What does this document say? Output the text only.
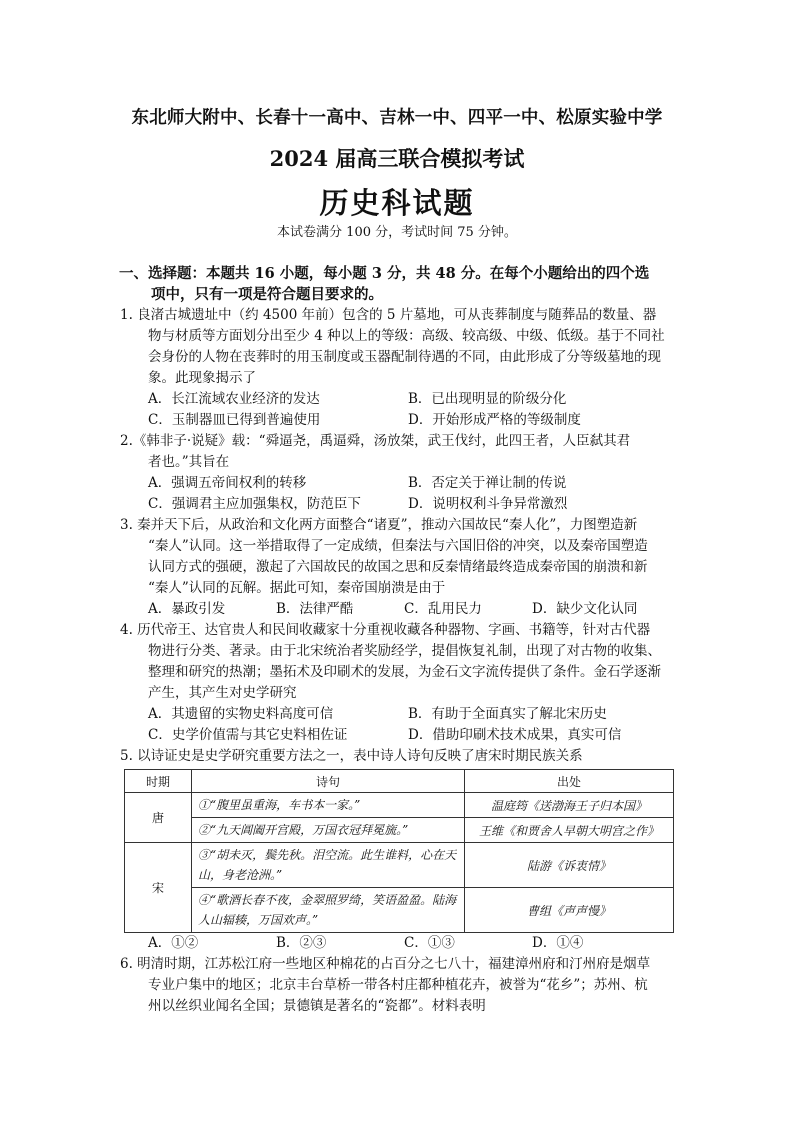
东北师大附中、长春十一高中、吉林一中、四平一中、松原实验中学
2024 届高三联合模拟考试
历史科试题
本试卷满分 100 分，考试时间 75 分钟。
一、选择题：本题共 16 小题，每小题 3 分，共 48 分。在每个小题给出的四个选
项中，只有一项是符合题目要求的。
1. 良渚古城遗址中（约 4500 年前）包含的 5 片墓地，可从丧葬制度与随葬品的数量、器
物与材质等方面划分出至少 4 种以上的等级：高级、较高级、中级、低级。基于不同社
会身份的人物在丧葬时的用玉制度或玉器配制待遇的不同，由此形成了分等级墓地的现
象。此现象揭示了
A．长江流域农业经济的发达	B．已出现明显的阶级分化
C．玉制器皿已得到普遍使用	D．开始形成严格的等级制度
2.《韩非子·说疑》载：“舜逼尧，禹逼舜，汤放桀，武王伐纣，此四王者，人臣弑其君
者也。”其旨在
A．强调五帝间权利的转移	B．否定关于禅让制的传说
C．强调君主应加强集权，防范臣下	D．说明权利斗争异常激烈
3. 秦并天下后，从政治和文化两方面整合“诸夏”，推动六国故民“秦人化”，力图塑造新
“秦人”认同。这一举措取得了一定成绩，但秦法与六国旧俗的冲突，以及秦帝国塑造
认同方式的强硬，激起了六国故民的故国之思和反秦情绪最终造成秦帝国的崩溃和新
“秦人”认同的瓦解。据此可知，秦帝国崩溃是由于
A．暴政引发	B．法律严酷	C．乱用民力	D．缺少文化认同
4. 历代帝王、达官贵人和民间收藏家十分重视收藏各种器物、字画、书籍等，针对古代器
物进行分类、著录。由于北宋统治者奖励经学，提倡恢复礼制，出现了对古物的收集、
整理和研究的热潮；墨拓术及印刷术的发展，为金石文字流传提供了条件。金石学逐渐
产生，其产生对史学研究
A．其遗留的实物史料高度可信	B．有助于全面真实了解北宋历史
C．史学价值需与其它史料相佐证	D．借助印刷术技术成果，真实可信
5. 以诗证史是史学研究重要方法之一，表中诗人诗句反映了唐宋时期民族关系
时期	诗句	出处
唐	①“腹里虽重海，车书本一家。”	温庭筠《送渤海王子归本国》
	②“九天阊阖开宫殿，万国衣冠拜冕旒。”	王维《和贾舍人早朝大明宫之作》
宋	③“胡未灭，鬓先秋。泪空流。此生谁料，心在天山，身老沧洲。”	陆游《诉衷情》
	④“歌酒长春不夜，金翠照罗绮，笑语盈盈。陆海人山辐辏，万国欢声。”	曹组《声声慢》
A．①②	B．②③	C．①③	D．①④
6. 明清时期，江苏松江府一些地区种棉花的占百分之七八十，福建漳州府和汀州府是烟草
专业户集中的地区；北京丰台草桥一带各村庄都种植花卉，被誉为“花乡”；苏州、杭
州以丝织业闻名全国；景德镇是著名的“瓷都”。材料表明
